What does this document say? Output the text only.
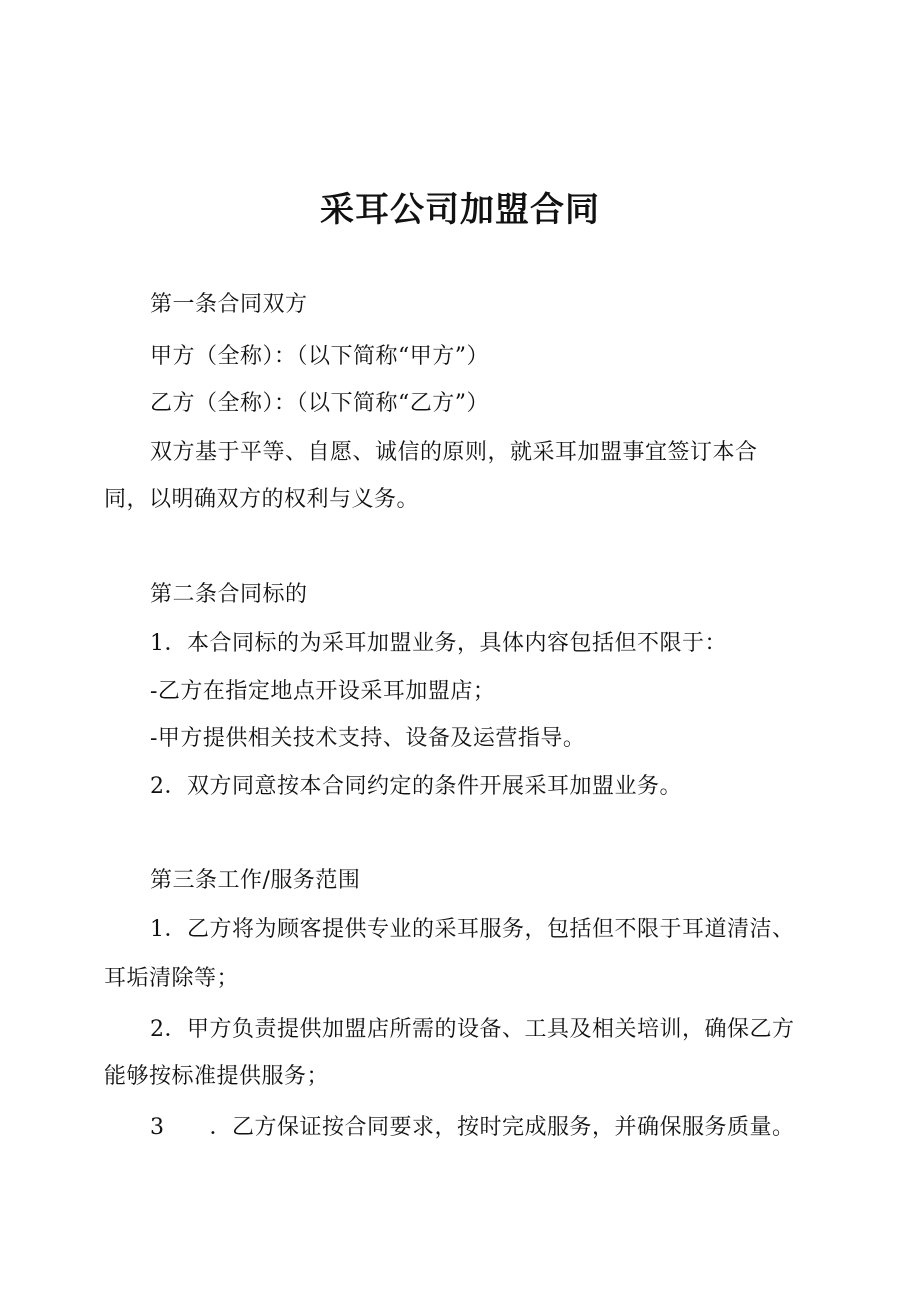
采耳公司加盟合同
第一条合同双方
甲方（全称）：（以下简称“甲方”）
乙方（全称）：（以下简称“乙方”）
双方基于平等、自愿、诚信的原则，就采耳加盟事宜签订本合
同，以明确双方的权利与义务。
第二条合同标的
1．本合同标的为采耳加盟业务，具体内容包括但不限于：
-乙方在指定地点开设采耳加盟店；
-甲方提供相关技术支持、设备及运营指导。
2．双方同意按本合同约定的条件开展采耳加盟业务。
第三条工作/服务范围
1．乙方将为顾客提供专业的采耳服务，包括但不限于耳道清洁、
耳垢清除等；
2．甲方负责提供加盟店所需的设备、工具及相关培训，确保乙方
能够按标准提供服务；
3　　．乙方保证按合同要求，按时完成服务，并确保服务质量。
